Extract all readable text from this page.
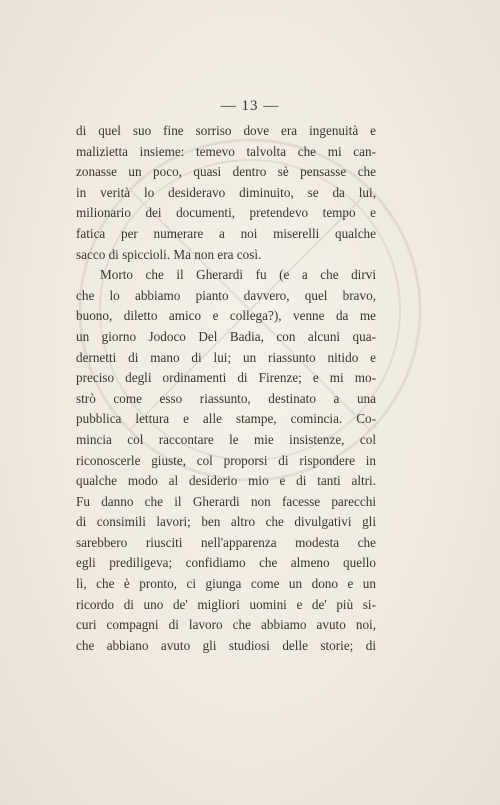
— 13 —
di quel suo fine sorriso dove era ingenuità e
malizietta insieme: temevo talvolta che mi can-
zonasse un poco, quasi dentro sè pensasse che
in verità lo desideravo diminuito, se da lui,
milionario dei documenti, pretendevo tempo e
fatica per numerare a noi miserelli qualche
sacco di spiccioli. Ma non era così.
Morto che il Gherardi fu (e a che dirvi
che lo abbiamo pianto davvero, quel bravo,
buono, diletto amico e collega?), venne da me
un giorno Jodoco Del Badia, con alcuni qua-
dernetti di mano di lui; un riassunto nitido e
preciso degli ordinamenti di Firenze; e mi mo-
strò come esso riassunto, destinato a una
pubblica lettura e alle stampe, comincia. Co-
mincia col raccontare le mie insistenze, col
riconoscerle giuste, col proporsi di rispondere in
qualche modo al desiderio mio e di tanti altri.
Fu danno che il Gherardi non facesse parecchi
di consimili lavori; ben altro che divulgativi gli
sarebbero riusciti nell'apparenza modesta che
egli prediligeva; confidiamo che almeno quello
lì, che è pronto, ci giunga come un dono e un
ricordo di uno de' migliori uomini e de' più si-
curi compagni di lavoro che abbiamo avuto noi,
che abbiano avuto gli studiosi delle storie; di
